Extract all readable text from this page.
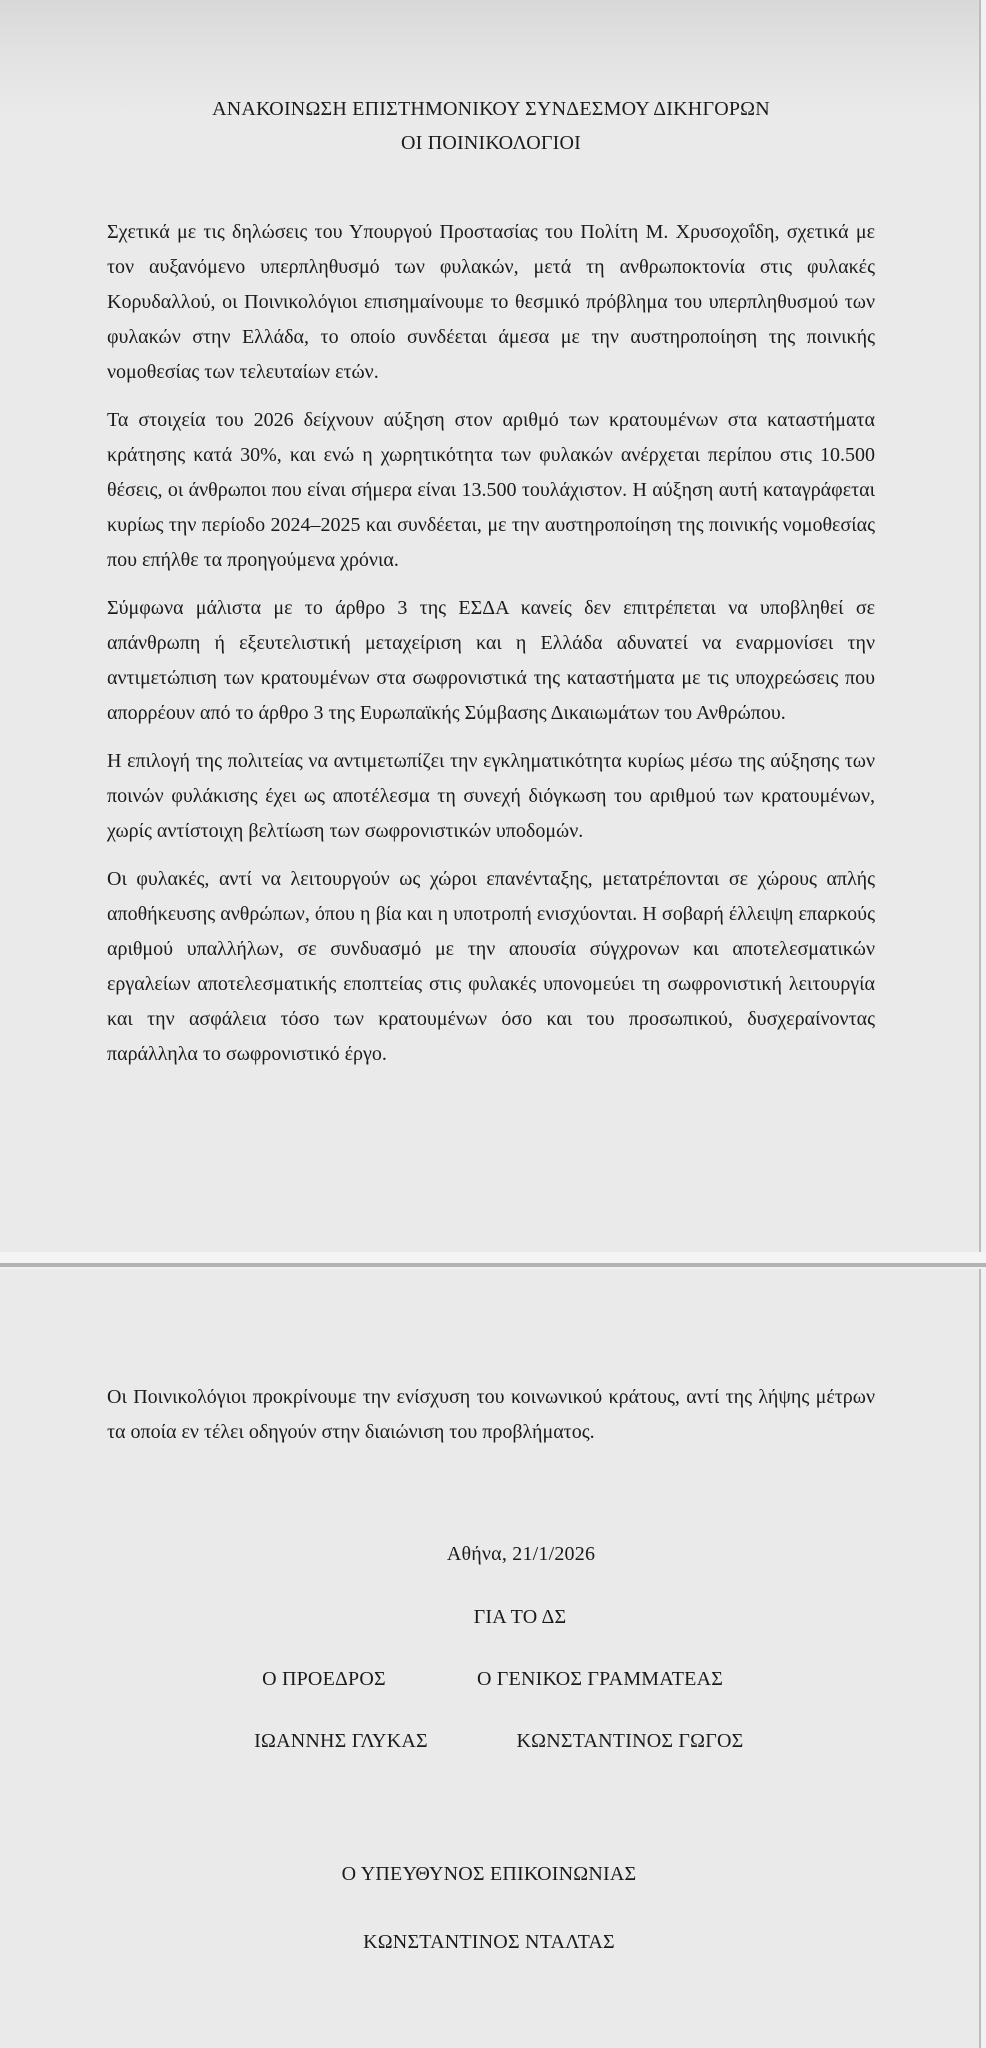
ΑΝΑΚΟΙΝΩΣΗ ΕΠΙΣΤΗΜΟΝΙΚΟΥ ΣΥΝΔΕΣΜΟΥ ΔΙΚΗΓΟΡΩΝ
ΟΙ ΠΟΙΝΙΚΟΛΟΓΙΟΙ

Σχετικά με τις δηλώσεις του Υπουργού Προστασίας του Πολίτη Μ. Χρυσοχοΐδη, σχετικά με τον αυξανόμενο υπερπληθυσμό των φυλακών, μετά τη ανθρωποκτονία στις φυλακές Κορυδαλλού, οι Ποινικολόγιοι επισημαίνουμε το θεσμικό πρόβλημα του υπερπληθυσμού των φυλακών στην Ελλάδα, το οποίο συνδέεται άμεσα με την αυστηροποίηση της ποινικής νομοθεσίας των τελευταίων ετών.

Τα στοιχεία του 2026 δείχνουν αύξηση στον αριθμό των κρατουμένων στα καταστήματα κράτησης κατά 30%, και ενώ η χωρητικότητα των φυλακών ανέρχεται περίπου στις 10.500 θέσεις, οι άνθρωποι που είναι σήμερα είναι 13.500 τουλάχιστον. Η αύξηση αυτή καταγράφεται κυρίως την περίοδο 2024–2025 και συνδέεται, με την αυστηροποίηση της ποινικής νομοθεσίας που επήλθε τα προηγούμενα χρόνια.

Σύμφωνα μάλιστα με το άρθρο 3 της ΕΣΔΑ κανείς δεν επιτρέπεται να υποβληθεί σε απάνθρωπη ή εξευτελιστική μεταχείριση και η Ελλάδα αδυνατεί να εναρμονίσει την αντιμετώπιση των κρατουμένων στα σωφρονιστικά της καταστήματα με τις υποχρεώσεις που απορρέουν από το άρθρο 3 της Ευρωπαϊκής Σύμβασης Δικαιωμάτων του Ανθρώπου.

Η επιλογή της πολιτείας να αντιμετωπίζει την εγκληματικότητα κυρίως μέσω της αύξησης των ποινών φυλάκισης έχει ως αποτέλεσμα τη συνεχή διόγκωση του αριθμού των κρατουμένων, χωρίς αντίστοιχη βελτίωση των σωφρονιστικών υποδομών.

Οι φυλακές, αντί να λειτουργούν ως χώροι επανένταξης, μετατρέπονται σε χώρους απλής αποθήκευσης ανθρώπων, όπου η βία και η υποτροπή ενισχύονται. Η σοβαρή έλλειψη επαρκούς αριθμού υπαλλήλων, σε συνδυασμό με την απουσία σύγχρονων και αποτελεσματικών εργαλείων αποτελεσματικής εποπτείας στις φυλακές υπονομεύει τη σωφρονιστική λειτουργία και την ασφάλεια τόσο των κρατουμένων όσο και του προσωπικού, δυσχεραίνοντας παράλληλα το σωφρονιστικό έργο.

Οι Ποινικολόγιοι προκρίνουμε την ενίσχυση του κοινωνικού κράτους, αντί της λήψης μέτρων τα οποία εν τέλει οδηγούν στην διαιώνιση του προβλήματος.
Αθήνα, 21/1/2026
ΓΙΑ ΤΟ ΔΣ
Ο ΠΡΟΕΔΡΟΣ	Ο ΓΕΝΙΚΟΣ ΓΡΑΜΜΑΤΕΑΣ
ΙΩΑΝΝΗΣ ΓΛΥΚΑΣ	ΚΩΝΣΤΑΝΤΙΝΟΣ ΓΩΓΟΣ
Ο ΥΠΕΥΘΥΝΟΣ ΕΠΙΚΟΙΝΩΝΙΑΣ
ΚΩΝΣΤΑΝΤΙΝΟΣ ΝΤΑΛΤΑΣ
